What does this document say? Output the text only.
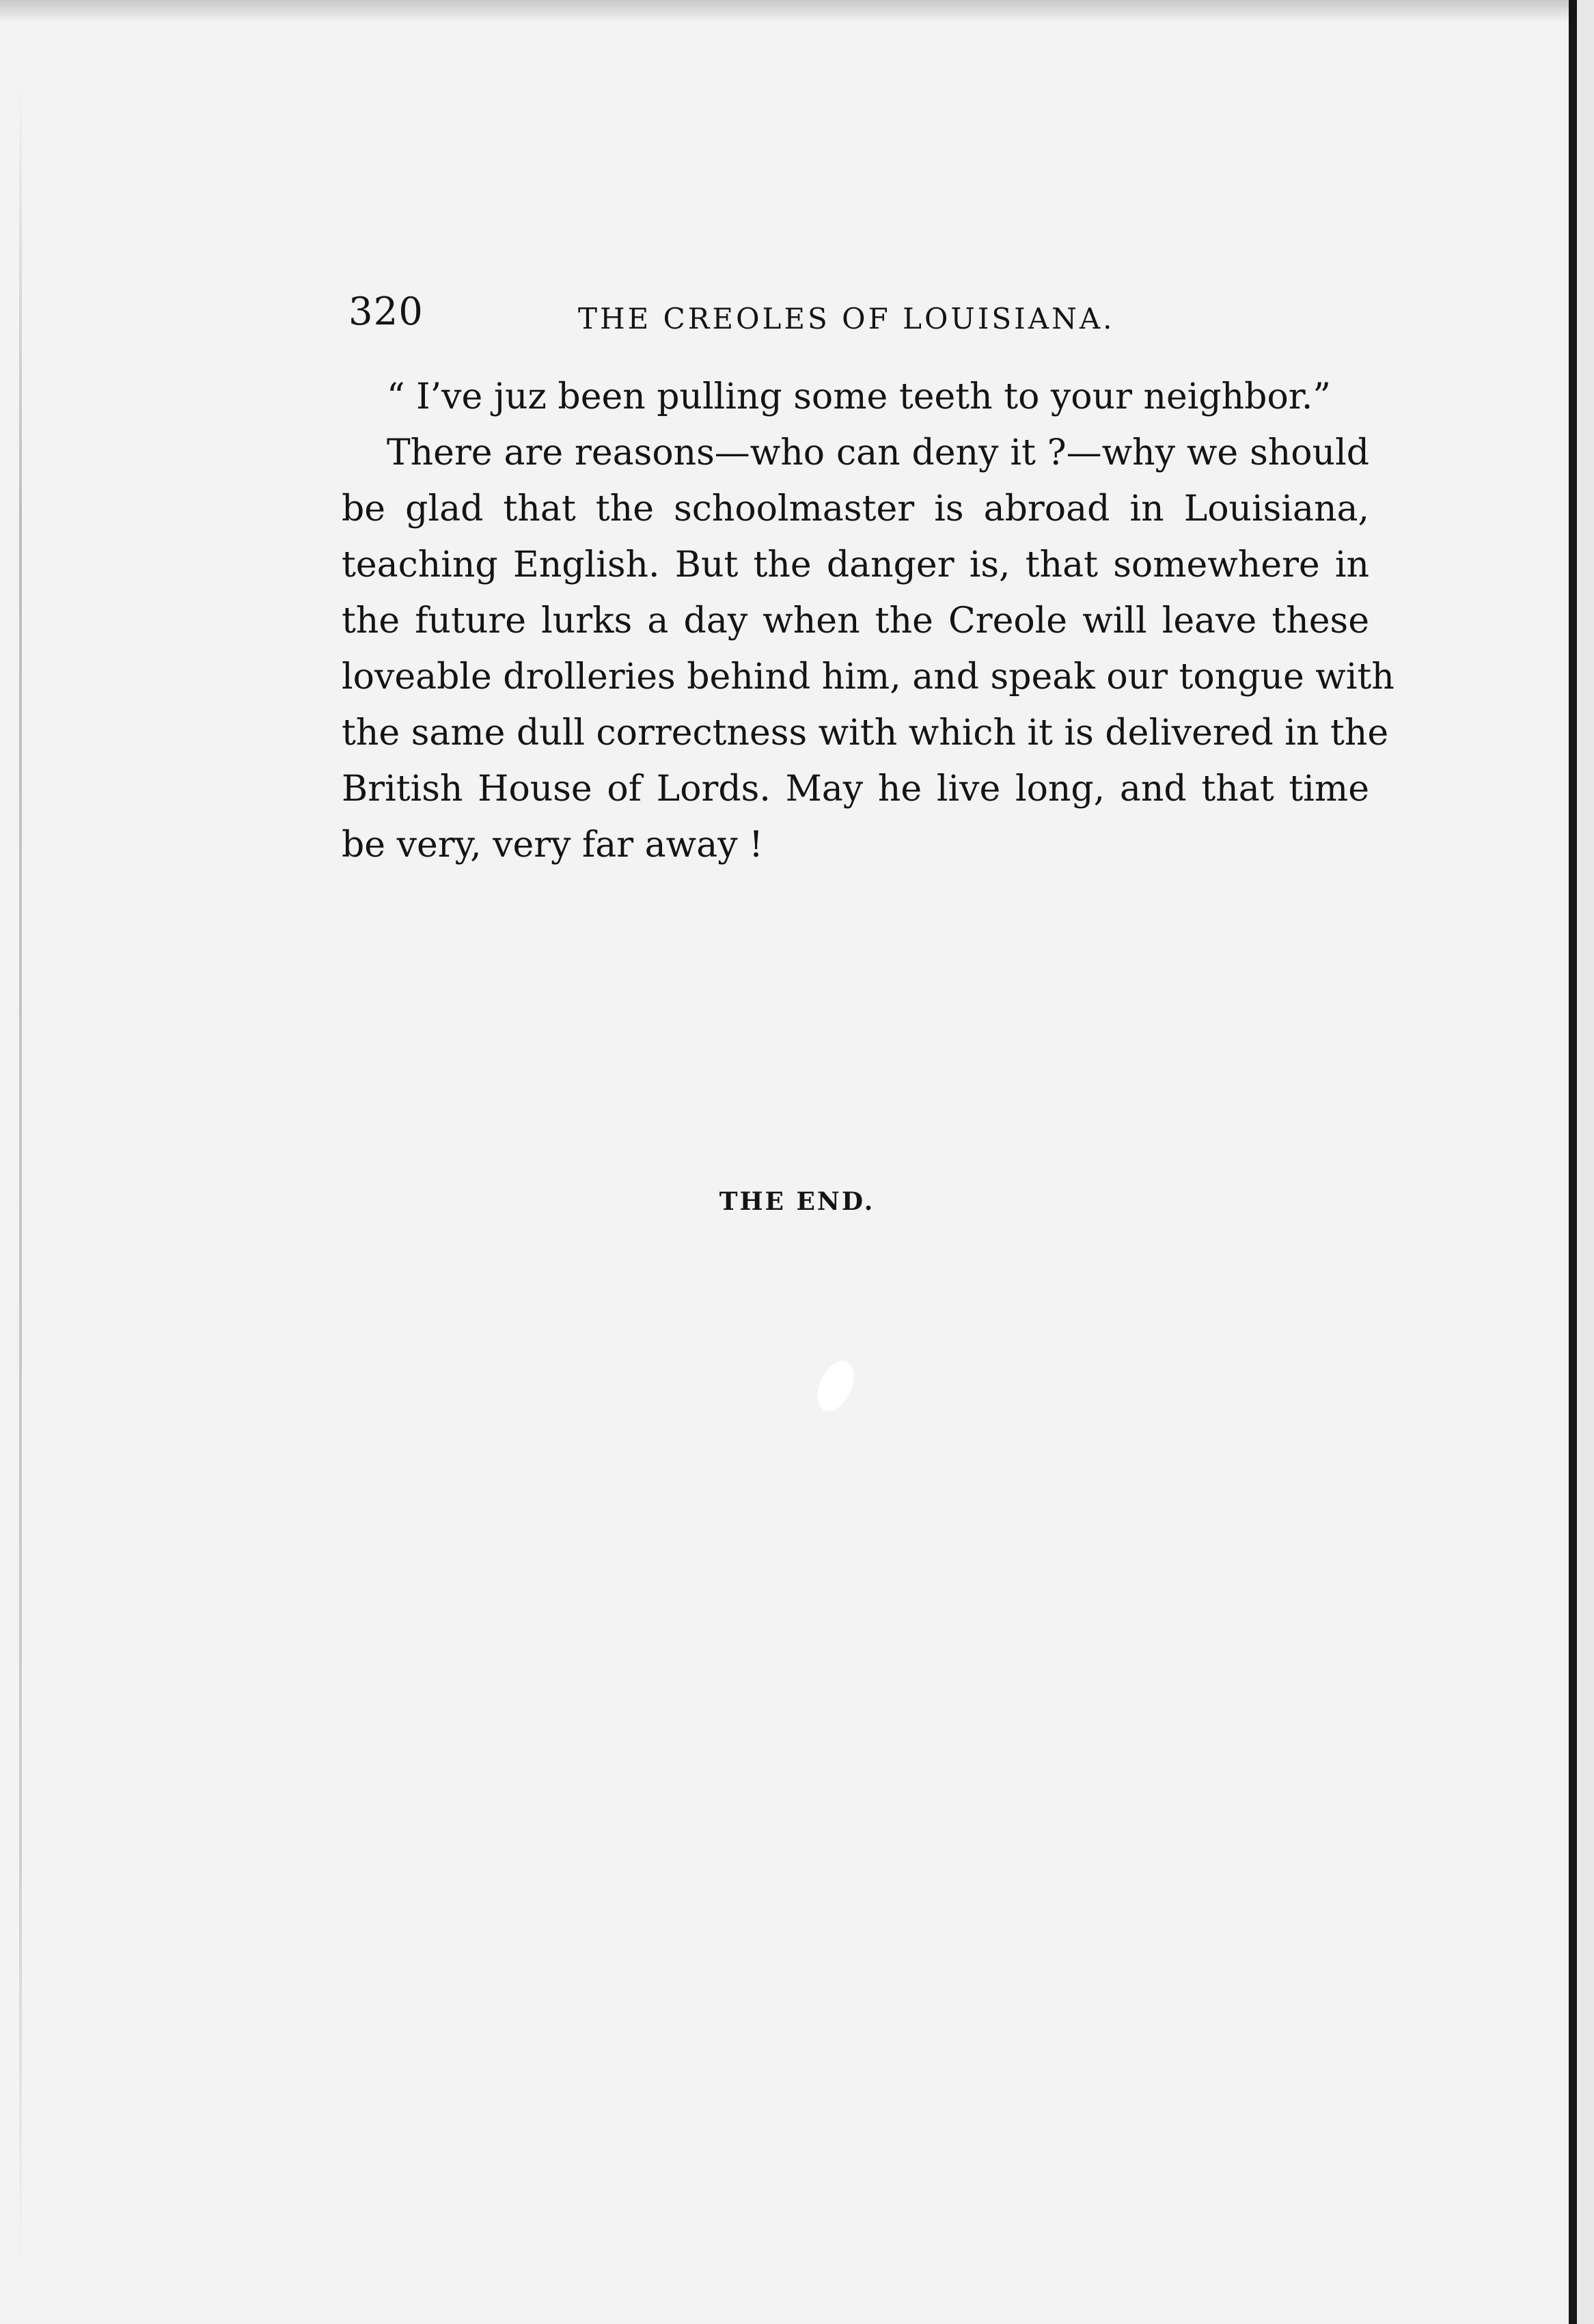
320	THE CREOLES OF LOUISIANA.
“ I’ve juz been pulling some teeth to your neighbor.”
There are reasons—who can deny it ?—why we should
be glad that the schoolmaster is abroad in Louisiana,
teaching English. But the danger is, that somewhere in
the future lurks a day when the Creole will leave these
loveable drolleries behind him, and speak our tongue with
the same dull correctness with which it is delivered in the
British House of Lords. May he live long, and that time
be very, very far away !
THE END.
